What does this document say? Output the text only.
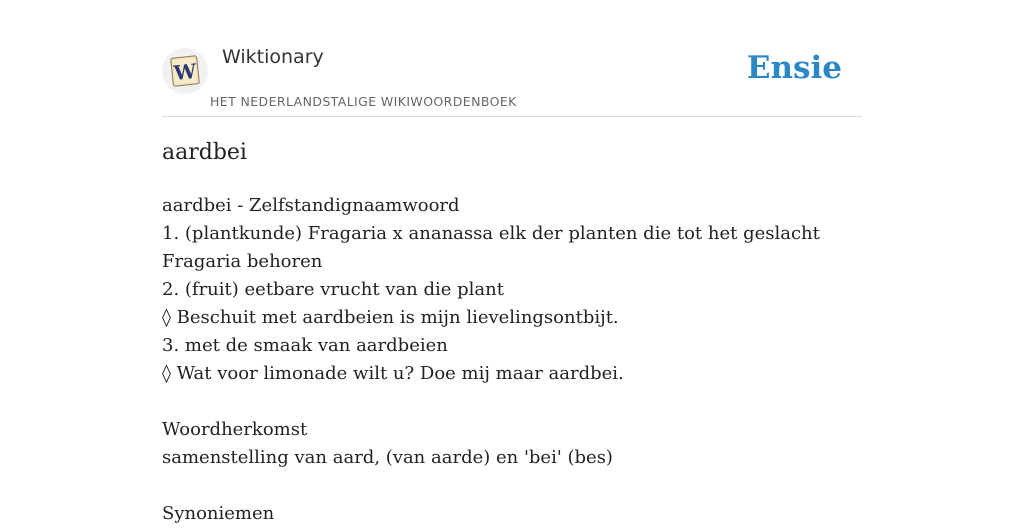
W
Wiktionary
HET NEDERLANDSTALIGE WIKIWOORDENBOEK
Ensie
aardbei
aardbei - Zelfstandignaamwoord
1. (plantkunde) Fragaria x ananassa elk der planten die tot het geslacht Fragaria behoren
2. (fruit) eetbare vrucht van die plant
◊ Beschuit met aardbeien is mijn lievelingsontbijt.
3. met de smaak van aardbeien
◊ Wat voor limonade wilt u? Doe mij maar aardbei.
Woordherkomst
samenstelling van aard, (van aarde) en 'bei' (bes)
Synoniemen
